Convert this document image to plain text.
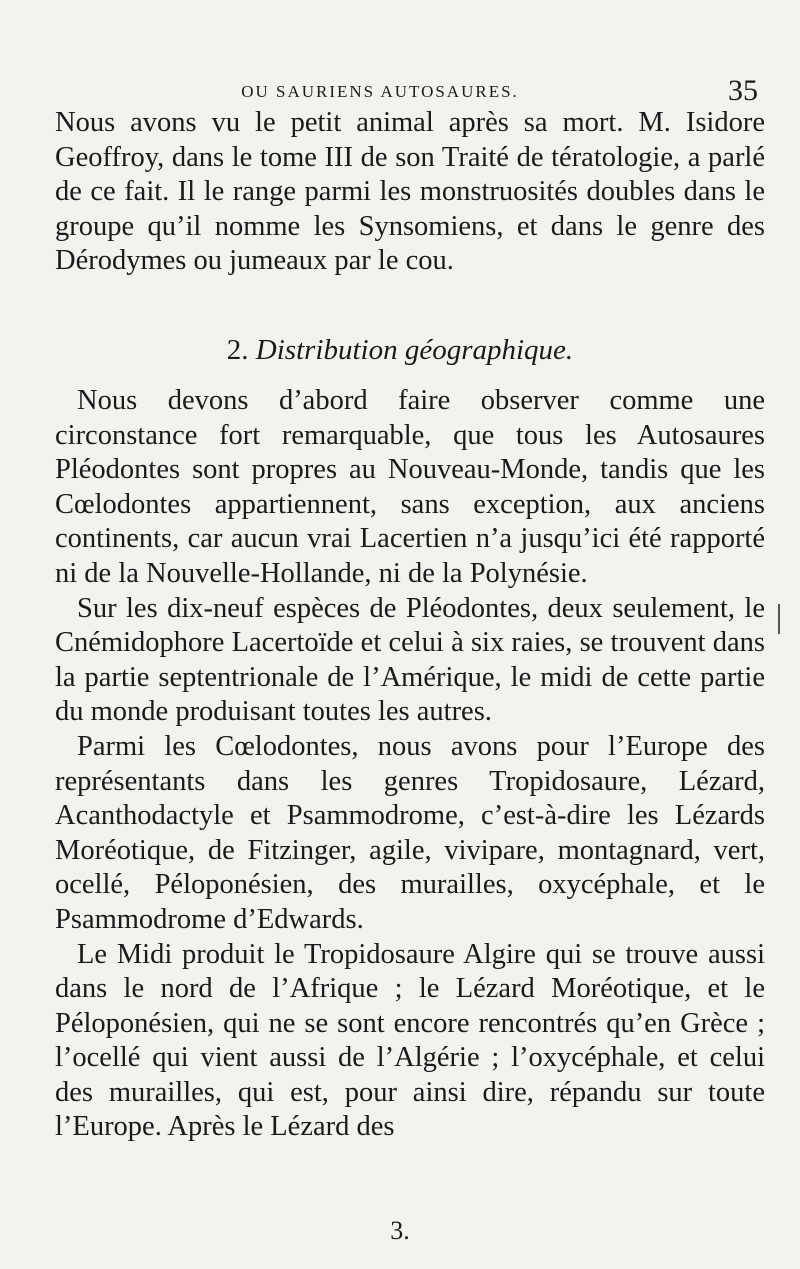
OU SAURIENS AUTOSAURES.	35

Nous avons vu le petit animal après sa mort. M. Isidore Geoffroy, dans le tome III de son Traité de tératologie, a parlé de ce fait. Il le range parmi les monstruosités doubles dans le groupe qu’il nomme les Synsomiens, et dans le genre des Dérodymes ou jumeaux par le cou.

2. Distribution géographique.

Nous devons d’abord faire observer comme une circonstance fort remarquable, que tous les Autosaures Pléodontes sont propres au Nouveau-Monde, tandis que les Cœlodontes appartiennent, sans exception, aux anciens continents, car aucun vrai Lacertien n’a jusqu’ici été rapporté ni de la Nouvelle-Hollande, ni de la Polynésie.

Sur les dix-neuf espèces de Pléodontes, deux seulement, le Cnémidophore Lacertoïde et celui à six raies, se trouvent dans la partie septentrionale de l’Amérique, le midi de cette partie du monde produisant toutes les autres.

Parmi les Cœlodontes, nous avons pour l’Europe des représentants dans les genres Tropidosaure, Lézard, Acanthodactyle et Psammodrome, c’est-à-dire les Lézards Moréotique, de Fitzinger, agile, vivipare, montagnard, vert, ocellé, Péloponésien, des murailles, oxycéphale, et le Psammodrome d’Edwards.

Le Midi produit le Tropidosaure Algire qui se trouve aussi dans le nord de l’Afrique ; le Lézard Moréotique, et le Péloponésien, qui ne se sont encore rencontrés qu’en Grèce ; l’ocellé qui vient aussi de l’Algérie ; l’oxycéphale, et celui des murailles, qui est, pour ainsi dire, répandu sur toute l’Europe. Après le Lézard des

3.
